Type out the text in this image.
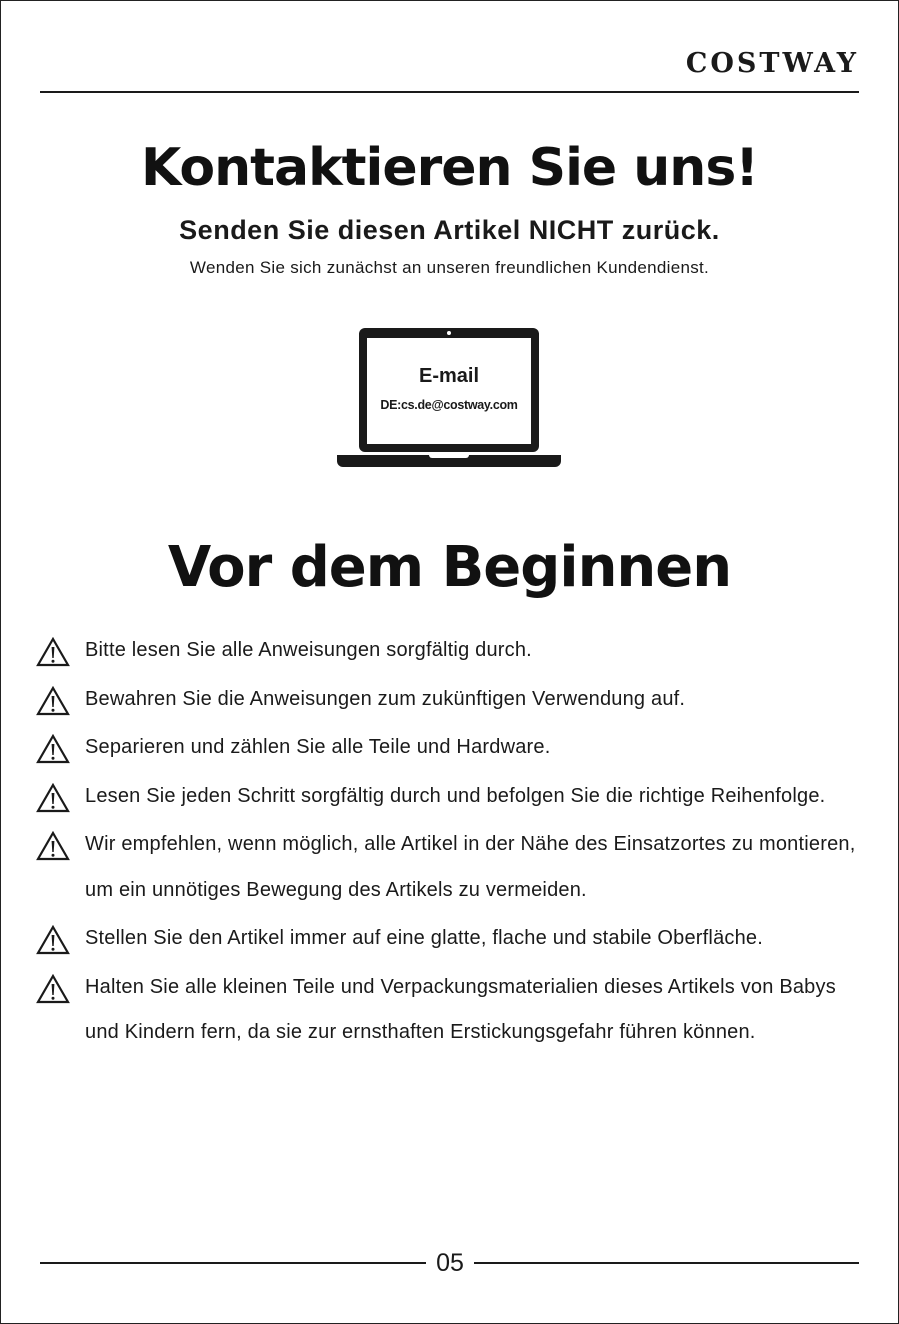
COSTWAY
Kontaktieren Sie uns!
Senden Sie diesen Artikel NICHT zurück.
Wenden Sie sich zunächst an unseren freundlichen Kundendienst.
E-mail
DE:cs.de@costway.com
Vor dem Beginnen
Bitte lesen Sie alle Anweisungen sorgfältig durch.
Bewahren Sie die Anweisungen zum zukünftigen Verwendung auf.
Separieren und zählen Sie alle Teile und Hardware.
Lesen Sie jeden Schritt sorgfältig durch und befolgen Sie die richtige Reihenfolge.
Wir empfehlen, wenn möglich, alle Artikel in der Nähe des Einsatzortes zu montieren, um ein unnötiges Bewegung des Artikels zu vermeiden.
Stellen Sie den Artikel immer auf eine glatte, flache und stabile Oberfläche.
Halten Sie alle kleinen Teile und Verpackungsmaterialien dieses Artikels von Babys und Kindern fern, da sie zur ernsthaften Erstickungsgefahr führen können.
05
